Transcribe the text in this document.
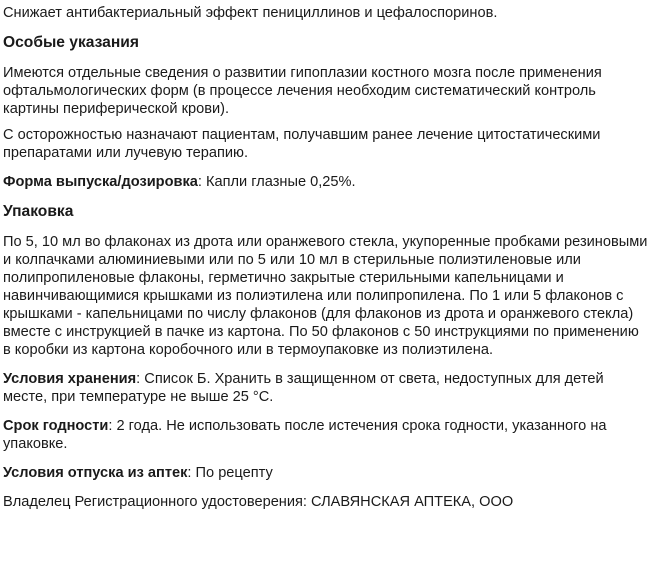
Снижает антибактериальный эффект пенициллинов и цефалоспоринов.

Особые указания

Имеются отдельные сведения о развитии гипоплазии костного мозга после применения офтальмологических форм (в процессе лечения необходим систематический контроль картины периферической крови).

С осторожностью назначают пациентам, получавшим ранее лечение цитостатическими препаратами или лучевую терапию.

Форма выпуска/дозировка: Капли глазные 0,25%.

Упаковка

По 5, 10 мл во флаконах из дрота или оранжевого стекла, укупоренные пробками резиновыми и колпачками алюминиевыми или по 5 или 10 мл в стерильные полиэтиленовые или полипропиленовые флаконы, герметично закрытые стерильными капельницами и навинчивающимися крышками из полиэтилена или полипропилена. По 1 или 5 флаконов с крышками - капельницами по числу флаконов (для флаконов из дрота и оранжевого стекла) вместе с инструкцией в пачке из картона. По 50 флаконов с 50 инструкциями по применению в коробки из картона коробочного или в термоупаковке из полиэтилена.

Условия хранения: Список Б. Хранить в защищенном от света, недоступных для детей месте, при температуре не выше 25 °С.

Срок годности: 2 года. Не использовать после истечения срока годности, указанного на упаковке.

Условия отпуска из аптек: По рецепту

Владелец Регистрационного удостоверения: СЛАВЯНСКАЯ АПТЕКА, ООО
